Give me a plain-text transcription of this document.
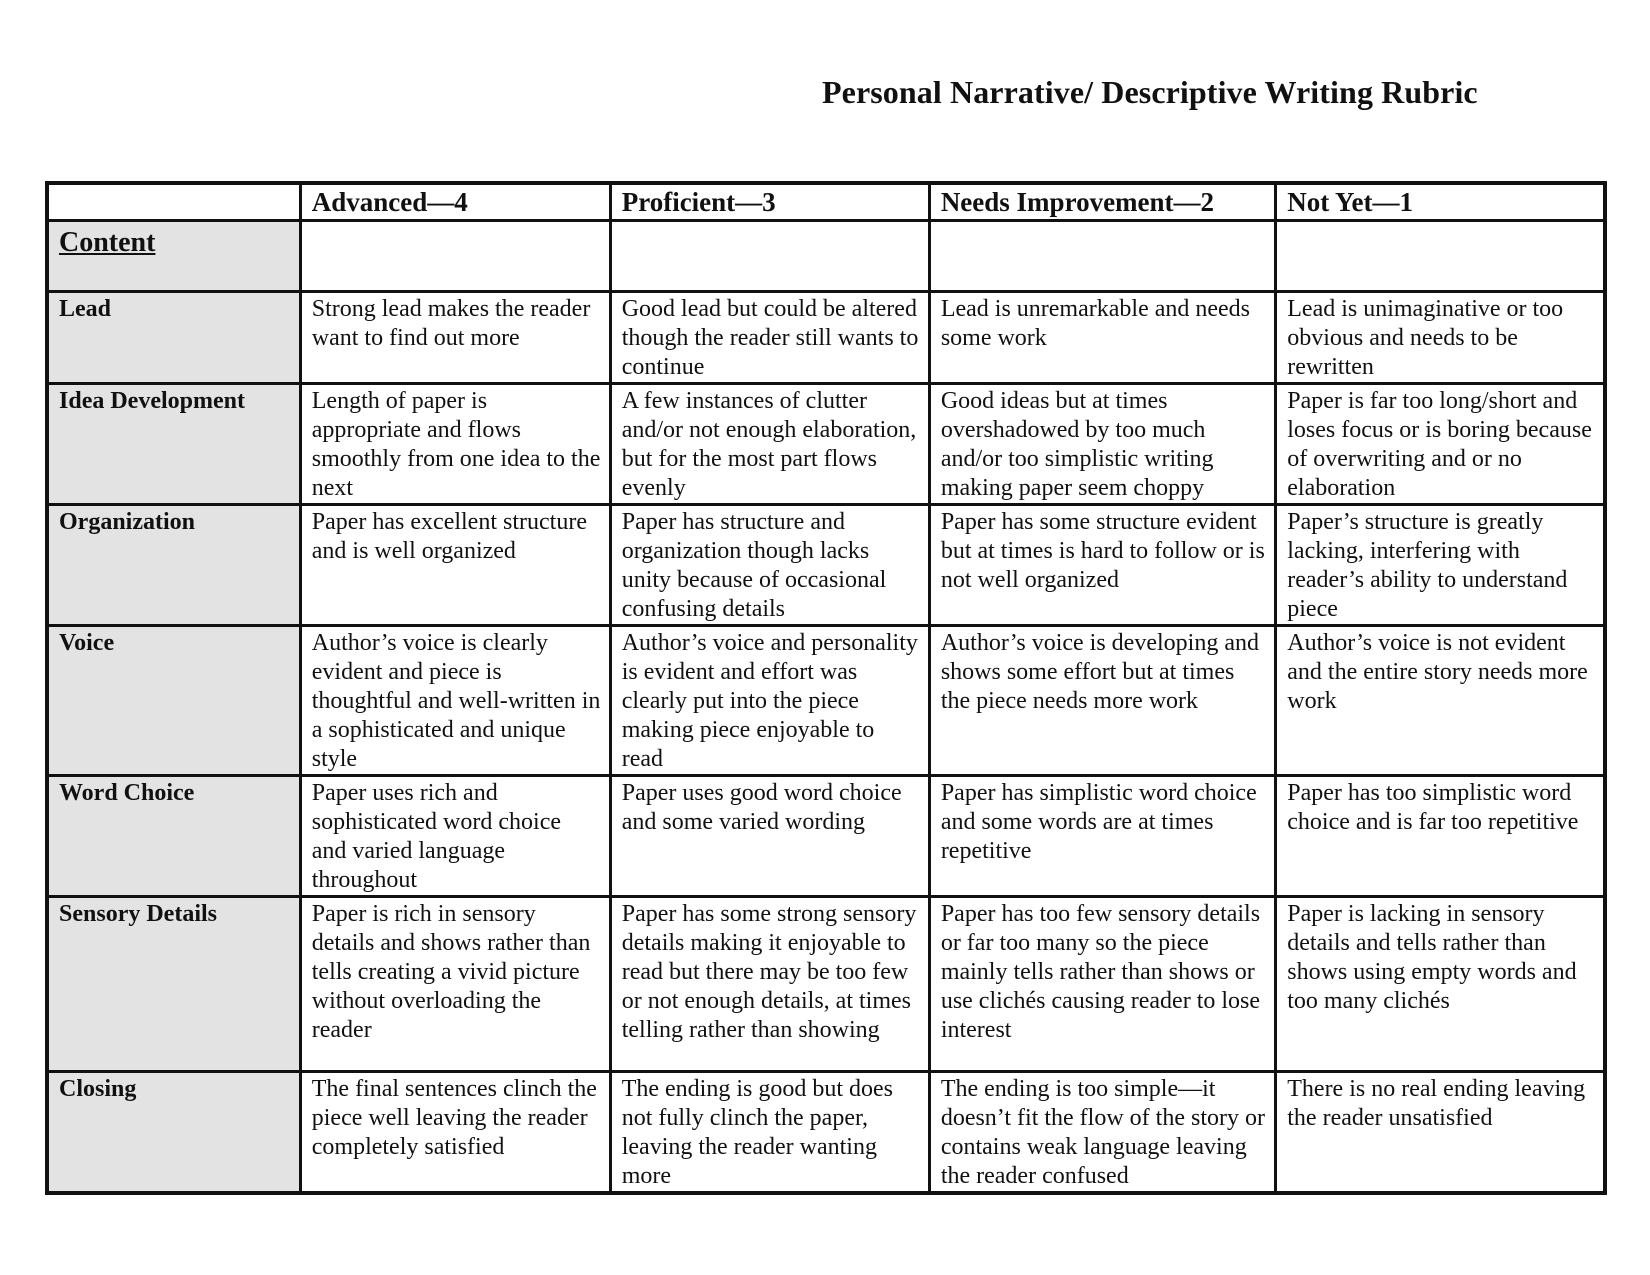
Personal Narrative/ Descriptive Writing Rubric
	Advanced—4	Proficient—3	Needs Improvement—2	Not Yet—1
Content				
Lead	Strong lead makes the reader want to find out more	Good lead but could be altered though the reader still wants to continue	Lead is unremarkable and needs some work	Lead is unimaginative or too obvious and needs to be rewritten
Idea Development	Length of paper is appropriate and flows smoothly from one idea to the next	A few instances of clutter and/or not enough elaboration, but for the most part flows evenly	Good ideas but at times overshadowed by too much and/or too simplistic writing making paper seem choppy	Paper is far too long/short and loses focus or is boring because of overwriting and or no elaboration
Organization	Paper has excellent structure and is well organized	Paper has structure and organization though lacks unity because of occasional confusing details	Paper has some structure evident but at times is hard to follow or is not well organized	Paper’s structure is greatly lacking, interfering with reader’s ability to understand piece
Voice	Author’s voice is clearly evident and piece is thoughtful and well-written in a sophisticated and unique style	Author’s voice and personality is evident and effort was clearly put into the piece making piece enjoyable to read	Author’s voice is developing and shows some effort but at times the piece needs more work	Author’s voice is not evident and the entire story needs more work
Word Choice	Paper uses rich and sophisticated word choice and varied language throughout	Paper uses good word choice and some varied wording	Paper has simplistic word choice and some words are at times repetitive	Paper has too simplistic word choice and is far too repetitive
Sensory Details	Paper is rich in sensory details and shows rather than tells creating a vivid picture without overloading the reader	Paper has some strong sensory details making it enjoyable to read but there may be too few or not enough details, at times telling rather than showing	Paper has too few sensory details or far too many so the piece mainly tells rather than shows or use clichés causing reader to lose interest	Paper is lacking in sensory details and tells rather than shows using empty words and too many clichés
Closing	The final sentences clinch the piece well leaving the reader completely satisfied	The ending is good but does not fully clinch the paper, leaving the reader wanting more	The ending is too simple—it doesn’t fit the flow of the story or contains weak language leaving the reader confused	There is no real ending leaving the reader unsatisfied
